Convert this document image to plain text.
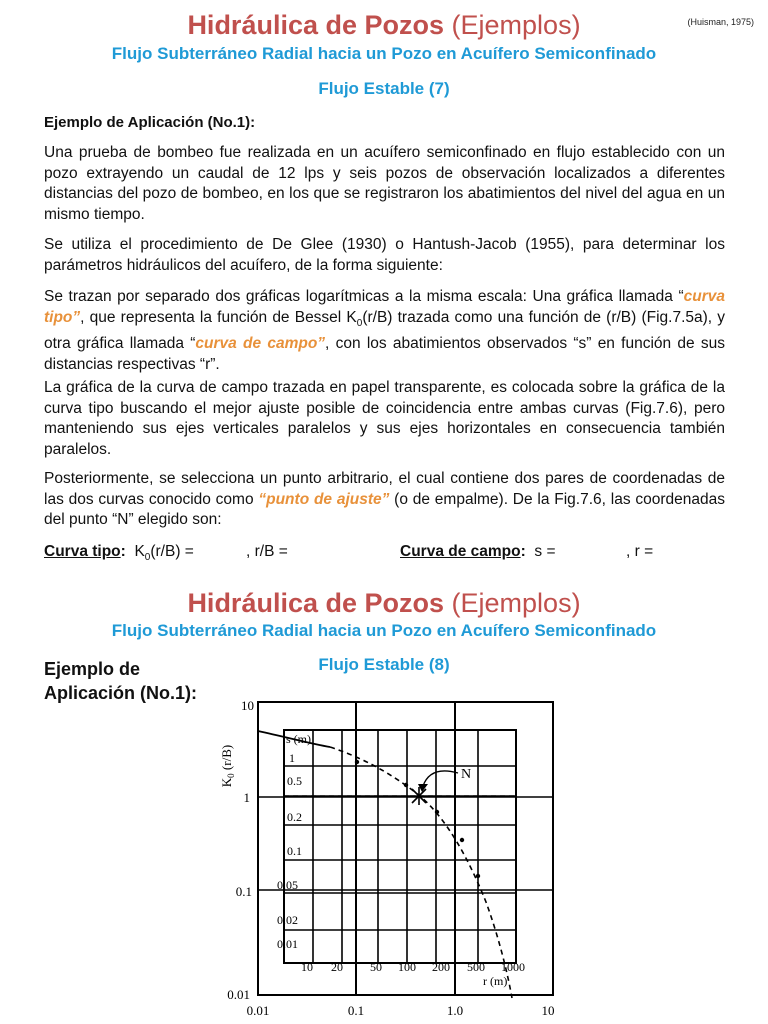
Hidráulica de Pozos (Ejemplos)	(Huisman, 1975)
Flujo Subterráneo Radial hacia un Pozo en Acuífero Semiconfinado
Flujo Estable (7)
Ejemplo de Aplicación (No.1):
Una prueba de bombeo fue realizada en un acuífero semiconfinado en flujo establecido con un pozo extrayendo un caudal de 12 lps y seis pozos de observación localizados a diferentes distancias del pozo de bombeo, en los que se registraron los abatimientos del nivel del agua en un mismo tiempo.
Se utiliza el procedimiento de De Glee (1930) o Hantush-Jacob (1955), para determinar los parámetros hidráulicos del acuífero, de la forma siguiente:
Se trazan por separado dos gráficas logarítmicas a la misma escala: Una gráfica llamada “curva tipo”, que representa la función de Bessel $K_0(r/B)$ trazada como una función de (r/B) (Fig.7.5a), y otra gráfica llamada “curva de campo”, con los abatimientos observados “s” en función de sus distancias respectivas “r”.
La gráfica de la curva de campo trazada en papel transparente, es colocada sobre la gráfica de la curva tipo buscando el mejor ajuste posible de coincidencia entre ambas curvas (Fig.7.6), pero manteniendo sus ejes verticales paralelos y sus ejes horizontales en consecuencia también paralelos.
Posteriormente, se selecciona un punto arbitrario, el cual contiene dos pares de coordenadas de las dos curvas conocido como “punto de ajuste” (o de empalme). De la Fig.7.6, las coordenadas del punto “N” elegido son:
Curva tipo: $K_0(r/B)$ =	, r/B =	Curva de campo: s =	, r =
Hidráulica de Pozos (Ejemplos)
Flujo Subterráneo Radial hacia un Pozo en Acuífero Semiconfinado
Flujo Estable (8)
Ejemplo de
Aplicación (No.1):
N
$K_0$ (r/B)
10
1
0.1
0.01
0.01	0.1	1.0	10
s (m)
1
0.5
0.2
0.1
0.05
0.02
0.01
10 20 50 100 200 500 1000
r (m)
